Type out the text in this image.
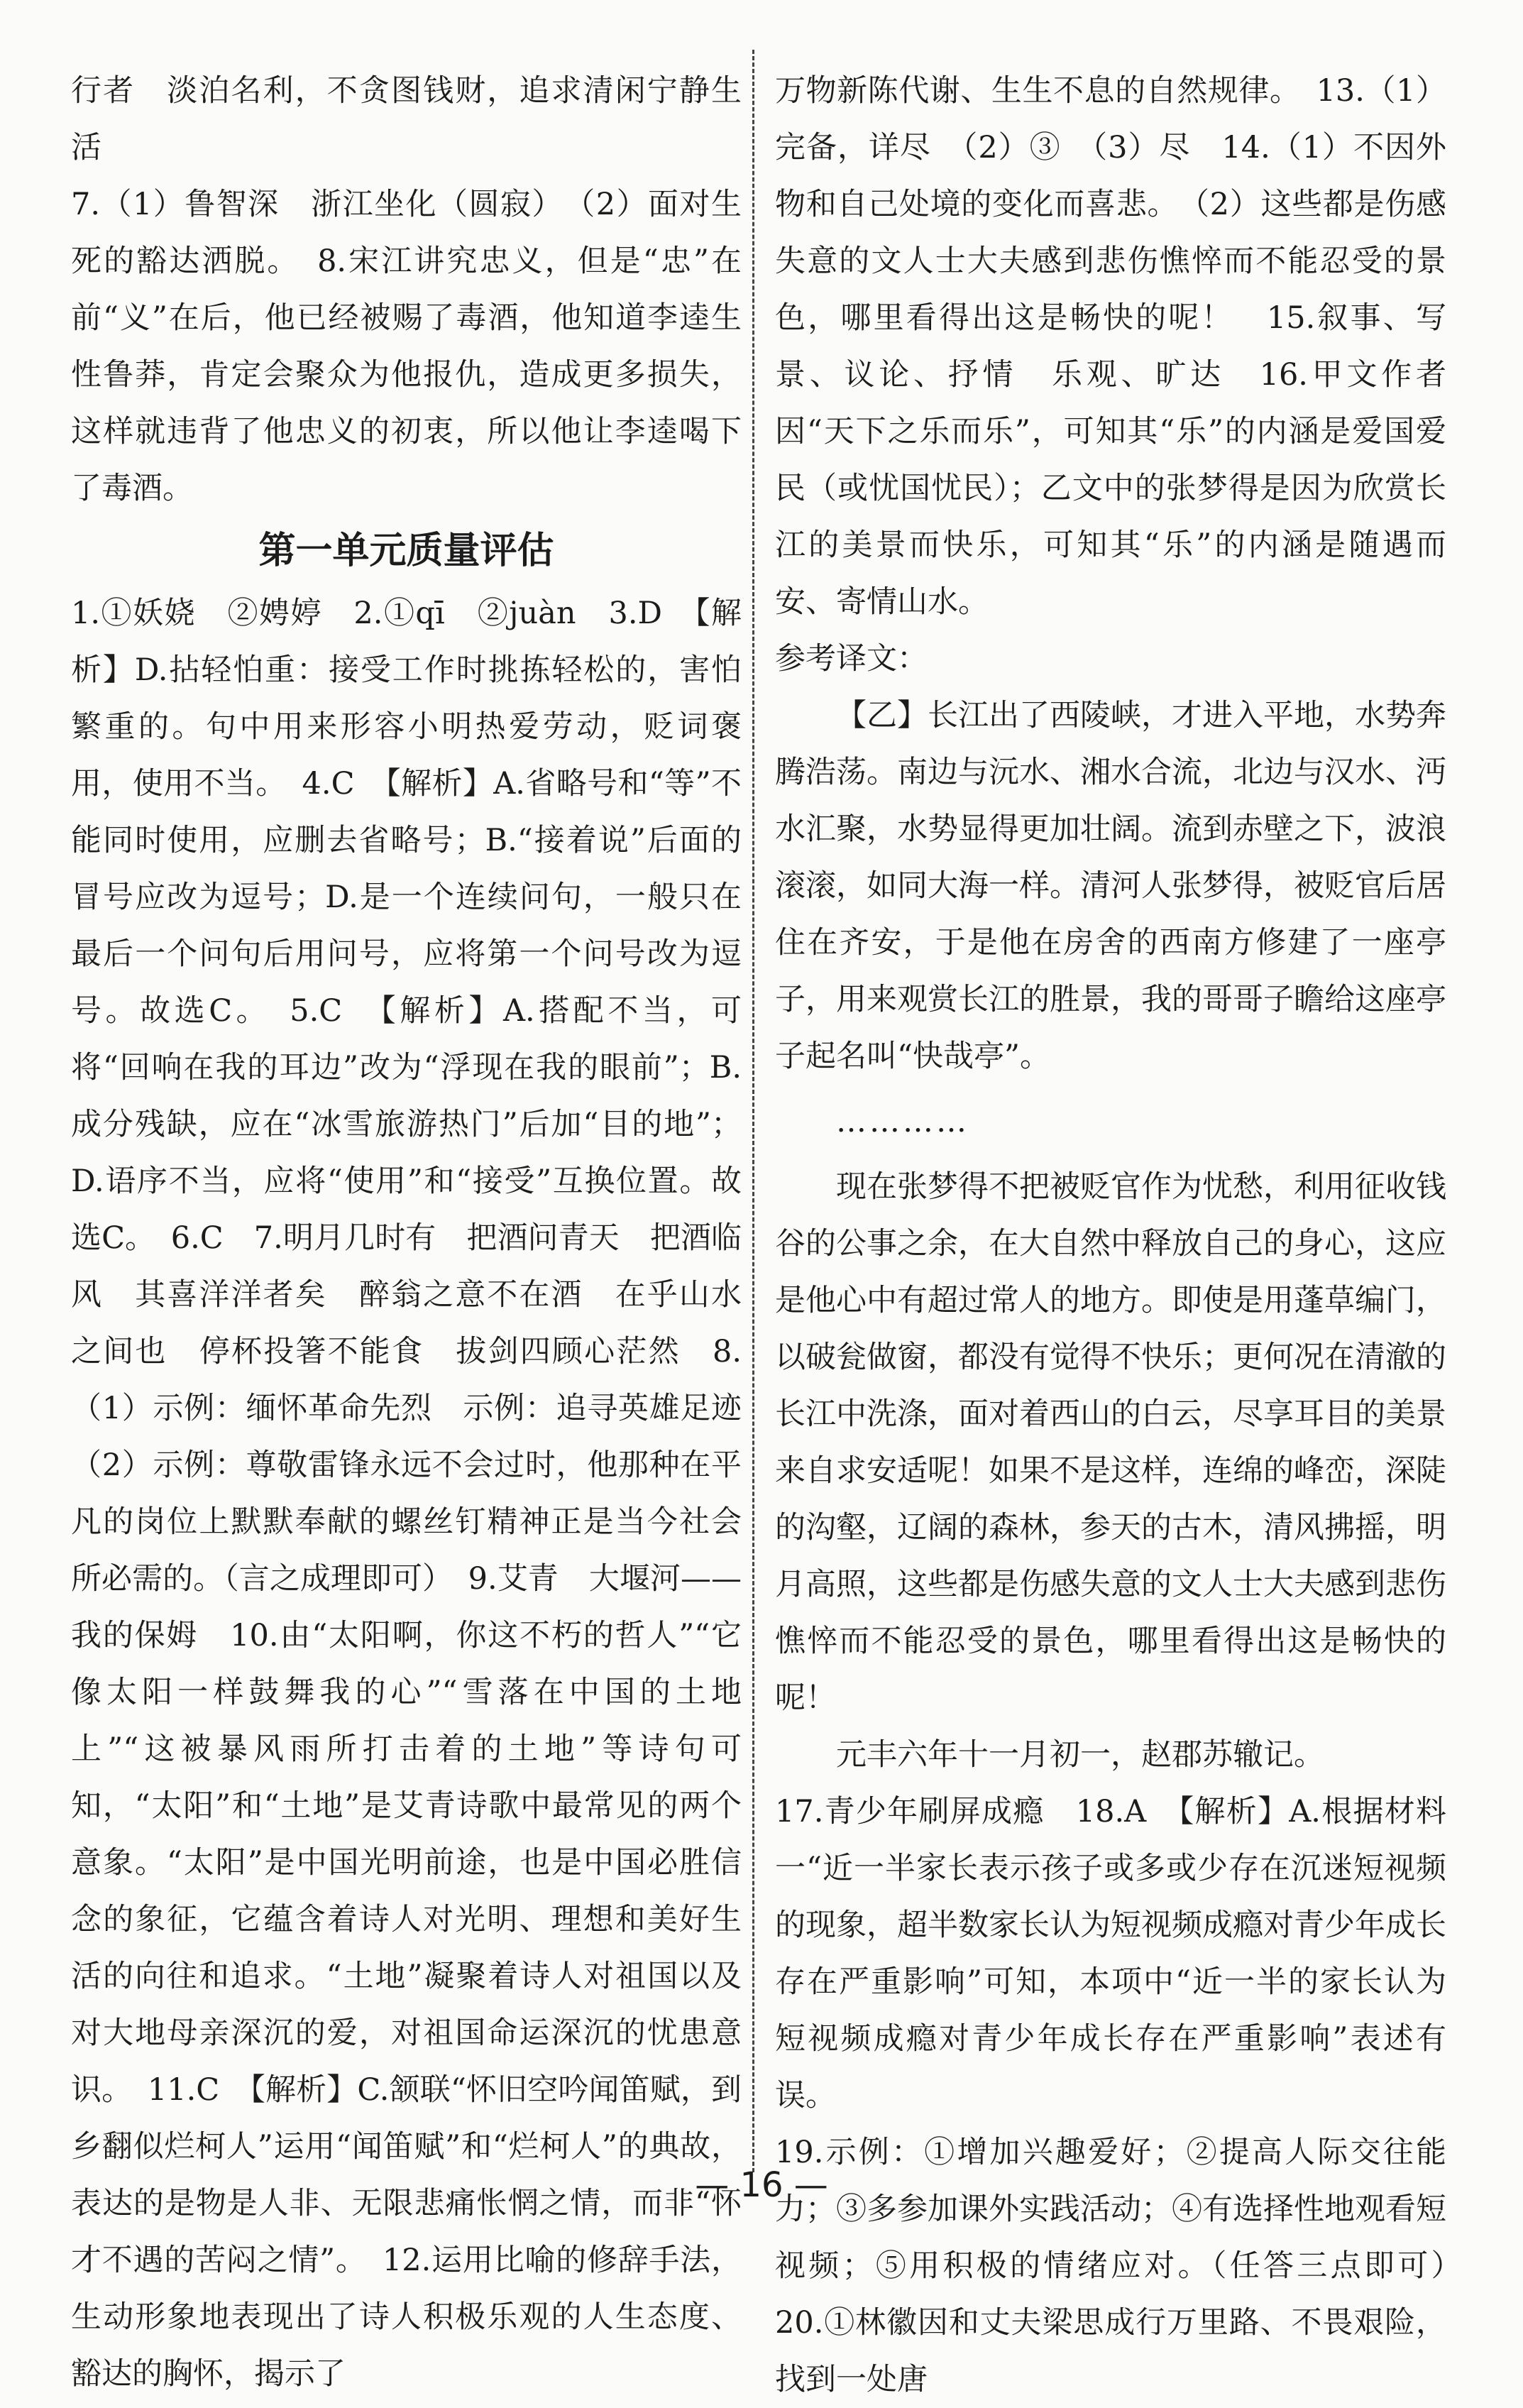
行者　淡泊名利，不贪图钱财，追求清闲宁静生活

7.（1）鲁智深　浙江坐化（圆寂）　（2）面对生死的豁达洒脱。　8.宋江讲究忠义，但是“忠”在前“义”在后，他已经被赐了毒酒，他知道李逵生性鲁莽，肯定会聚众为他报仇，造成更多损失，这样就违背了他忠义的初衷，所以他让李逵喝下了毒酒。

第一单元质量评估

1.①妖娆　②娉婷　2.①qī　②juàn　3.D　【解析】D.拈轻怕重：接受工作时挑拣轻松的，害怕繁重的。句中用来形容小明热爱劳动，贬词褒用，使用不当。　4.C　【解析】A.省略号和“等”不能同时使用，应删去省略号；B.“接着说”后面的冒号应改为逗号；D.是一个连续问句，一般只在最后一个问句后用问号，应将第一个问号改为逗号。故选C。　5.C　【解析】A.搭配不当，可将“回响在我的耳边”改为“浮现在我的眼前”；B.成分残缺，应在“冰雪旅游热门”后加“目的地”；D.语序不当，应将“使用”和“接受”互换位置。故选C。　6.C　7.明月几时有　把酒问青天　把酒临风　其喜洋洋者矣　醉翁之意不在酒　在乎山水之间也　停杯投箸不能食　拔剑四顾心茫然　8.（1）示例：缅怀革命先烈　示例：追寻英雄足迹　（2）示例：尊敬雷锋永远不会过时，他那种在平凡的岗位上默默奉献的螺丝钉精神正是当今社会所必需的。（言之成理即可）　9.艾青　大堰河——我的保姆　10.由“太阳啊，你这不朽的哲人”“它像太阳一样鼓舞我的心”“雪落在中国的土地上”“这被暴风雨所打击着的土地”等诗句可知，“太阳”和“土地”是艾青诗歌中最常见的两个意象。“太阳”是中国光明前途，也是中国必胜信念的象征，它蕴含着诗人对光明、理想和美好生活的向往和追求。“土地”凝聚着诗人对祖国以及对大地母亲深沉的爱，对祖国命运深沉的忧患意识。　11.C　【解析】C.颔联“怀旧空吟闻笛赋，到乡翻似烂柯人”运用“闻笛赋”和“烂柯人”的典故，表达的是物是人非、无限悲痛怅惘之情，而非“怀才不遇的苦闷之情”。　12.运用比喻的修辞手法，生动形象地表现出了诗人积极乐观的人生态度、豁达的胸怀，揭示了

万物新陈代谢、生生不息的自然规律。　13.（1）完备，详尽　（2）③　（3）尽　14.（1）不因外物和自己处境的变化而喜悲。　（2）这些都是伤感失意的文人士大夫感到悲伤憔悴而不能忍受的景色，哪里看得出这是畅快的呢！　15.叙事、写景、议论、抒情　乐观、旷达　16.甲文作者因“天下之乐而乐”，可知其“乐”的内涵是爱国爱民（或忧国忧民）；乙文中的张梦得是因为欣赏长江的美景而快乐，可知其“乐”的内涵是随遇而安、寄情山水。

参考译文：

【乙】长江出了西陵峡，才进入平地，水势奔腾浩荡。南边与沅水、湘水合流，北边与汉水、沔水汇聚，水势显得更加壮阔。流到赤壁之下，波浪滚滚，如同大海一样。清河人张梦得，被贬官后居住在齐安，于是他在房舍的西南方修建了一座亭子，用来观赏长江的胜景，我的哥哥子瞻给这座亭子起名叫“快哉亭”。

…………

现在张梦得不把被贬官作为忧愁，利用征收钱谷的公事之余，在大自然中释放自己的身心，这应是他心中有超过常人的地方。即使是用蓬草编门，以破瓮做窗，都没有觉得不快乐；更何况在清澈的长江中洗涤，面对着西山的白云，尽享耳目的美景来自求安适呢！如果不是这样，连绵的峰峦，深陡的沟壑，辽阔的森林，参天的古木，清风拂摇，明月高照，这些都是伤感失意的文人士大夫感到悲伤憔悴而不能忍受的景色，哪里看得出这是畅快的呢！

元丰六年十一月初一，赵郡苏辙记。

17.青少年刷屏成瘾　18.A　【解析】A.根据材料一“近一半家长表示孩子或多或少存在沉迷短视频的现象，超半数家长认为短视频成瘾对青少年成长存在严重影响”可知，本项中“近一半的家长认为短视频成瘾对青少年成长存在严重影响”表述有误。

19.示例：①增加兴趣爱好；②提高人际交往能力；③多参加课外实践活动；④有选择性地观看短视频；⑤用积极的情绪应对。（任答三点即可）　20.①林徽因和丈夫梁思成行万里路、不畏艰险，找到一处唐

— 16 —
